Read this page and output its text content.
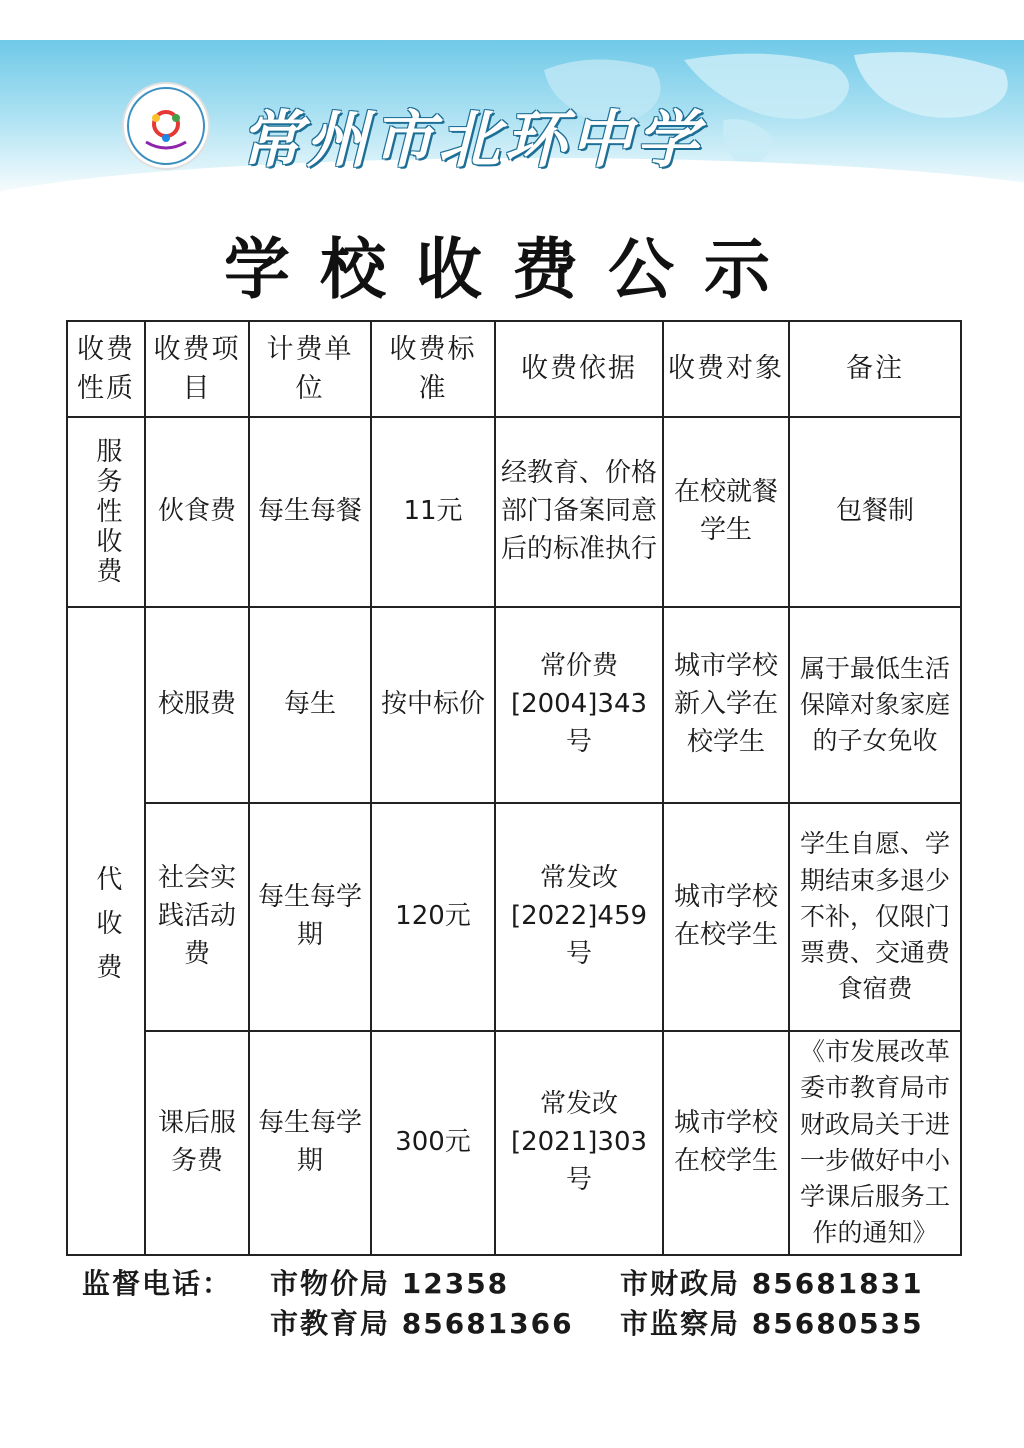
常州市北环中学
学校收费公示
收费性质	收费项目	计费单位	收费标准	收费依据	收费对象	备注

服务性收费	伙食费	每生每餐	11元	经教育、价格部门备案同意后的标准执行	在校就餐学生	包餐制

代收费	校服费	每生	按中标价	常价费[2004]343号	城市学校新入学在校学生	属于最低生活保障对象家庭的子女免收
	社会实践活动费	每生每学期	120元	常发改[2022]459号	城市学校在校学生	学生自愿、学期结束多退少不补，仅限门票费、交通费食宿费
	课后服务费	每生每学期	300元	常发改[2021]303号	城市学校在校学生	《市发展改革委市教育局市财政局关于进一步做好中小学课后服务工作的通知》
监督电话：	市物价局 12358	市财政局 85681831
市教育局 85681366	市监察局 85680535
